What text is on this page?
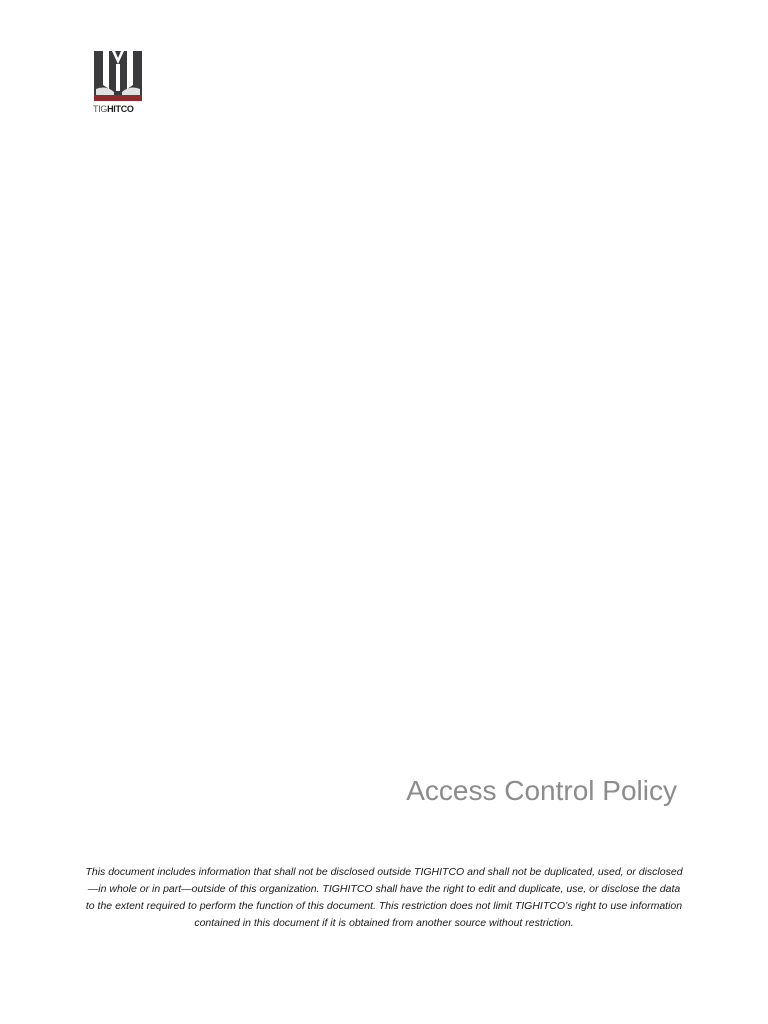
TIGHITCO
Access Control Policy

This document includes information that shall not be disclosed outside TIGHITCO and shall not be duplicated, used, or disclosed—in whole or in part—outside of this organization. TIGHITCO shall have the right to edit and duplicate, use, or disclose the data to the extent required to perform the function of this document. This restriction does not limit TIGHITCO’s right to use information contained in this document if it is obtained from another source without restriction.
